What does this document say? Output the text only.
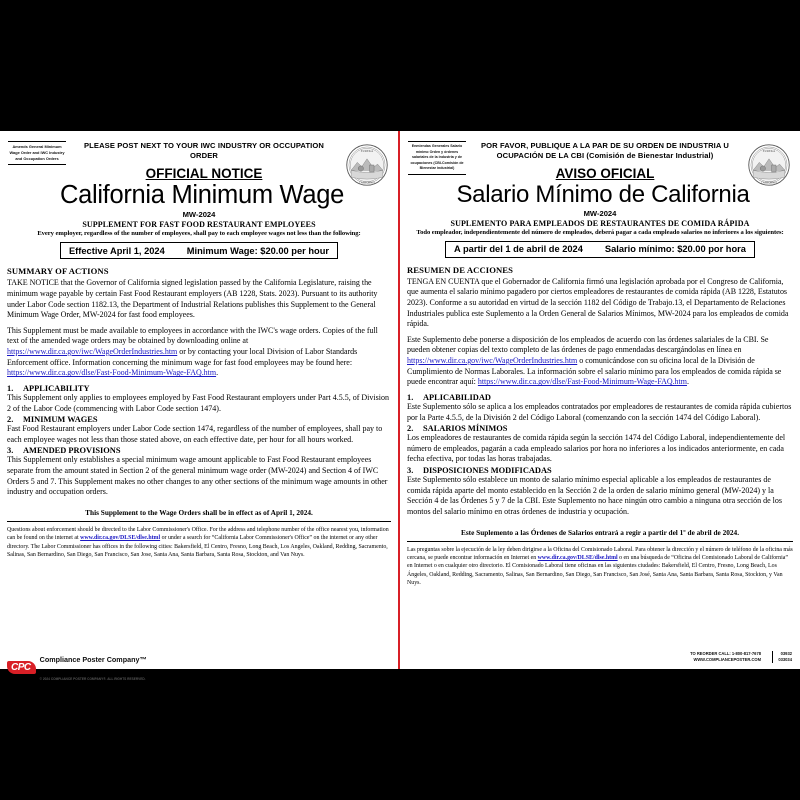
Amends General Minimum Wage Order and IWC Industry and Occupation Orders
EUREKA
CALIFORNIA
PLEASE POST NEXT TO YOUR IWC INDUSTRY OR OCCUPATION ORDER
OFFICIAL NOTICE
California Minimum Wage
MW-2024
SUPPLEMENT FOR FAST FOOD RESTAURANT EMPLOYEES
Every employer, regardless of the number of employees, shall pay to each employee wages not less than the following:
Effective April 1, 2024 Minimum Wage: $20.00 per hour
SUMMARY OF ACTIONS

TAKE NOTICE that the Governor of California signed legislation passed by the California Legislature, raising the minimum wage payable by certain Fast Food Restaurant employers (AB 1228, Stats. 2023). Pursuant to its authority under Labor Code section 1182.13, the Department of Industrial Relations publishes this Supplement to the General Minimum Wage Order, MW-2024 for fast food employees.

This Supplement must be made available to employees in accordance with the IWC's wage orders. Copies of the full text of the amended wage orders may be obtained by downloading online at https://www.dir.ca.gov/iwc/WageOrderIndustries.htm or by contacting your local Division of Labor Standards Enforcement office. Information concerning the minimum wage for fast food employees may be found here: https://www.dir.ca.gov/dlse/Fast-Food-Minimum-Wage-FAQ.htm.

1. APPLICABILITY

This Supplement only applies to employees employed by Fast Food Restaurant employers under Part 4.5.5, of Division 2 of the Labor Code (commencing with Labor Code section 1474).

2. MINIMUM WAGES

Fast Food Restaurant employers under Labor Code section 1474, regardless of the number of employees, shall pay to each employee wages not less than those stated above, on each effective date, per hour for all hours worked.

3. AMENDED PROVISIONS

This Supplement only establishes a special minimum wage amount applicable to Fast Food Restaurant employees separate from the amount stated in Section 2 of the general minimum wage order (MW-2024) and Section 4 of IWC Orders 5 and 7. This Supplement makes no other changes to any other sections of the minimum wage amounts in other industry and occupation orders.

This Supplement to the Wage Orders shall be in effect as of April 1, 2024.

Questions about enforcement should be directed to the Labor Commissioner's Office. For the address and telephone number of the office nearest you, information can be found on the internet at www.dir.ca.gov/DLSE/dlse.html or under a search for “California Labor Commissioner's Office” on the internet or any other directory. The Labor Commissioner has offices in the following cities: Bakersfield, El Centro, Fresno, Long Beach, Los Angeles, Oakland, Redding, Sacramento, Salinas, San Bernardino, San Diego, San Francisco, San Jose, Santa Ana, Santa Barbara, Santa Rosa, Stockton, and Van Nuys.

CPC
Compliance Poster Company™
© 2024 COMPLIANCE POSTER COMPANY®. ALL RIGHTS RESERVED.
Enmiendas Generales Salario mínimo Orden y órdenes salariales de la industria y de ocupaciones (CBI-Comisión de Bienestar industrial)
EUREKA
CALIFORNIA
POR FAVOR, PUBLIQUE A LA PAR DE SU ORDEN DE INDUSTRIA U OCUPACIÓN DE LA CBI (Comisión de Bienestar Industrial)
AVISO OFICIAL
Salario Mínimo de California
MW-2024
SUPLEMENTO PARA EMPLEADOS DE RESTAURANTES DE COMIDA RÁPIDA
Todo empleador, independientemente del número de empleados, deberá pagar a cada empleado salarios no inferiores a los siguientes:
A partir del 1 de abril de 2024 Salario mínimo: $20.00 por hora
RESUMEN DE ACCIONES

TENGA EN CUENTA que el Gobernador de California firmó una legislación aprobada por el Congreso de California, que aumenta el salario mínimo pagadero por ciertos empleadores de restaurantes de comida rápida (AB 1228, Estatutos 2023). Conforme a su autoridad en virtud de la sección 1182 del Código de Trabajo.13, el Departamento de Relaciones Industriales publica este Suplemento a la Orden General de Salarios Mínimos, MW-2024 para los empleados de comida rápida.

Este Suplemento debe ponerse a disposición de los empleados de acuerdo con las órdenes salariales de la CBI. Se pueden obtener copias del texto completo de las órdenes de pago enmendadas descargándolas en línea en https://www.dir.ca.gov/iwc/WageOrderIndustries.htm o comunicándose con su oficina local de la División de Cumplimiento de Normas Laborales. La información sobre el salario mínimo para los empleados de comida rápida se puede encontrar aquí: https://www.dir.ca.gov/dlse/Fast-Food-Minimum-Wage-FAQ.htm.

1. APLICABILIDAD

Este Suplemento sólo se aplica a los empleados contratados por empleadores de restaurantes de comida rápida cubiertos por la Parte 4.5.5, de la División 2 del Código Laboral (comenzando con la sección 1474 del Código Laboral).

2. SALARIOS MÍNIMOS

Los empleadores de restaurantes de comida rápida según la sección 1474 del Código Laboral, independientemente del número de empleados, pagarán a cada empleado salarios por hora no inferiores a los indicados anteriormente, en cada fecha efectiva, por todas las horas trabajadas.

3. DISPOSICIONES MODIFICADAS

Este Suplemento sólo establece un monto de salario mínimo especial aplicable a los empleados de restaurantes de comida rápida aparte del monto establecido en la Sección 2 de la orden de salario mínimo general (MW-2024) y la Sección 4 de las Órdenes 5 y 7 de la CBI. Este Suplemento no hace ningún otro cambio a ninguna otra sección de los montos del salario mínimo en otras órdenes de industria y ocupación.

Este Suplemento a las Órdenes de Salarios entrará a regir a partir del 1º de abril de 2024.

Las preguntas sobre la ejecución de la ley deben dirigirse a la Oficina del Comisionado Laboral. Para obtener la dirección y el número de teléfono de la oficina más cercana, se puede encontrar información en Internet en www.dir.ca.gov/DLSE/dlse.html o en una búsqueda de “Oficina del Comisionado Laboral de California” en Internet o en cualquier otro directorio. El Comisionado Laboral tiene oficinas en las siguientes ciudades: Bakersfield, El Centro, Fresno, Long Beach, Los Ángeles, Oakland, Redding, Sacramento, Salinas, San Bernardino, San Diego, San Francisco, San José, Santa Ana, Santa Barbara, Santa Rosa, Stockton, y Van Nuys.

TO REORDER CALL: 1-800-817-7678
WWW.COMPLIANCEPOSTER.COM
03932
033034
